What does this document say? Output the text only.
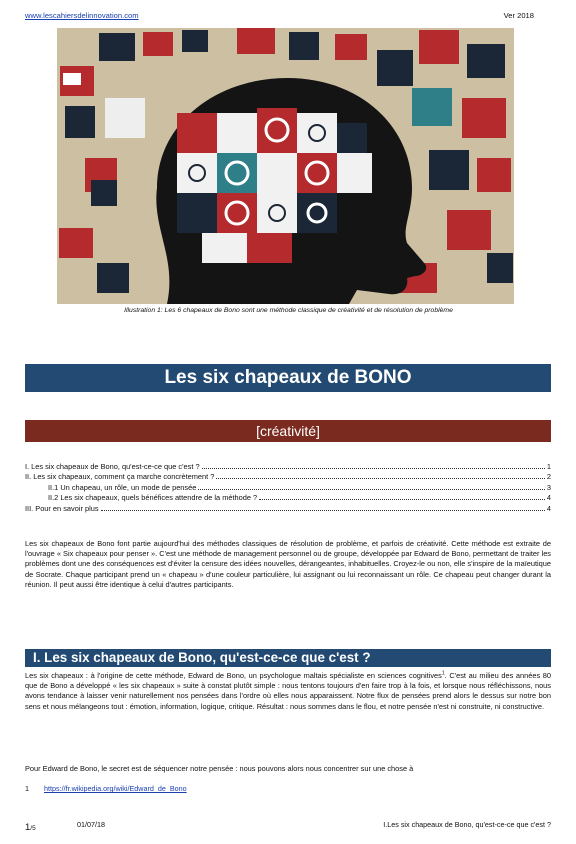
www.lescahiersdelinnovation.com	Ver 2018
Illustration 1: Les 6 chapeaux de Bono sont une méthode classique de créativité et de résolution de problème
Les six chapeaux de BONO
[créativité]
I. Les six chapeaux de Bono, qu'est-ce-ce que c'est ?	1
II. Les six chapeaux, comment ça marche concrètement ?	2
II.1 Un chapeau, un rôle, un mode de pensée	3
II.2 Les six chapeaux, quels bénéfices attendre de la méthode ?	4
III. Pour en savoir plus	4
Les six chapeaux de Bono font partie aujourd'hui des méthodes classiques de résolution de problème, et parfois de créativité. Cette méthode est extraite de l'ouvrage « Six chapeaux pour penser ». C'est une méthode de management personnel ou de groupe, développée par Edward de Bono, permettant de traiter les problèmes dont une des conséquences est d'éviter la censure des idées nouvelles, dérangeantes, inhabituelles. Croyez-le ou non, elle s'inspire de la maïeutique de Socrate. Chaque participant prend un « chapeau » d'une couleur particulière, lui assignant ou lui reconnaissant un rôle. Ce chapeau peut changer durant la réunion. Il peut aussi être identique à celui d'autres participants.
I. Les six chapeaux de Bono, qu'est-ce-ce que c'est ?
Les six chapeaux : à l'origine de cette méthode, Edward de Bono, un psychologue maltais spécialiste en sciences cognitives$^1$. C'est au milieu des années 80 que de Bono a développé « les six chapeaux » suite à constat plutôt simple : nous tentons toujours d'en faire trop à la fois, et lorsque nous réfléchissons, nous avons tendance à laisser venir naturellement nos pensées dans l'ordre où elles nous apparaissent. Notre flux de pensées prend alors le dessus sur notre bon sens et nous mélangeons tout : émotion, information, logique, critique. Résultat : nous sommes dans le flou, et notre pensée n'est ni construite, ni constructive.
Pour Edward de Bono, le secret est de séquencer notre pensée : nous pouvons alors nous concentrer sur une chose à
1 https://fr.wikipedia.org/wiki/Edward_de_Bono
1/5	01/07/18	I.Les six chapeaux de Bono, qu'est-ce-ce que c'est ?
